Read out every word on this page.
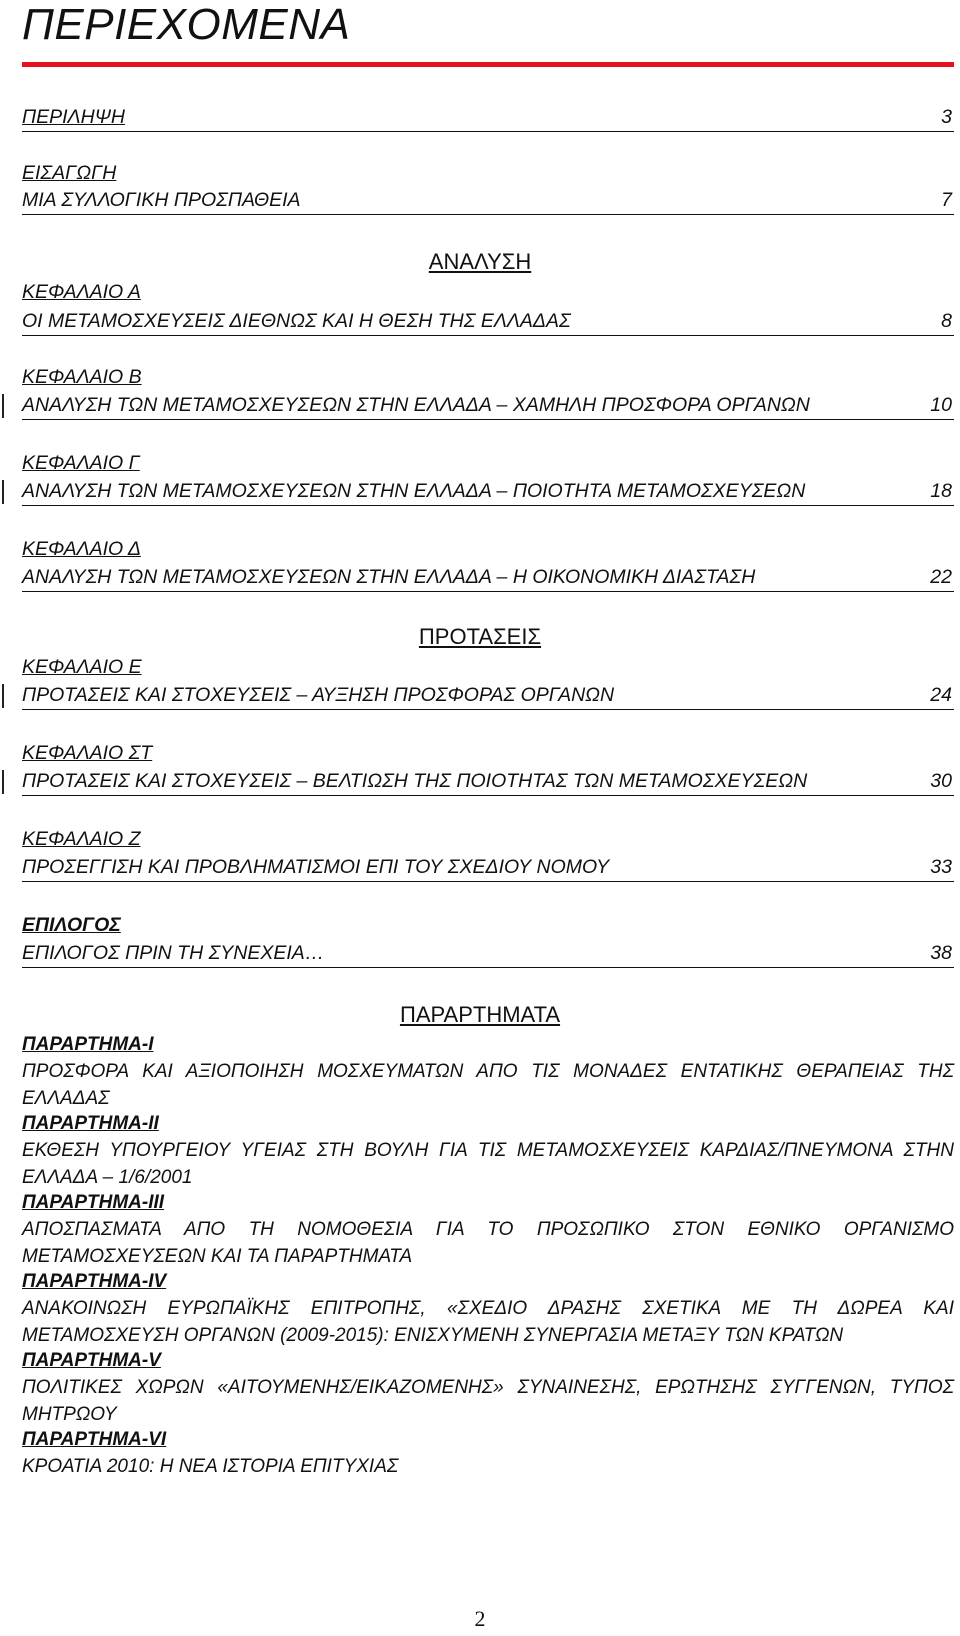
ΠΕΡΙΕΧΟΜΕΝΑ
ΠΕΡΙΛΗΨΗ	3
ΕΙΣΑΓΩΓΗ
ΜΙΑ ΣΥΛΛΟΓΙΚΗ ΠΡΟΣΠΑΘΕΙΑ	7
ΑΝΑΛΥΣΗ
ΚΕΦΑΛΑΙΟ Α
ΟΙ ΜΕΤΑΜΟΣΧΕΥΣΕΙΣ ΔΙΕΘΝΩΣ ΚΑΙ Η ΘΕΣΗ ΤΗΣ ΕΛΛΑΔΑΣ	8
ΚΕΦΑΛΑΙΟ Β
ΑΝΑΛΥΣΗ ΤΩΝ ΜΕΤΑΜΟΣΧΕΥΣΕΩΝ ΣΤΗΝ ΕΛΛΑΔΑ – ΧΑΜΗΛΗ ΠΡΟΣΦΟΡΑ ΟΡΓΑΝΩΝ	10
ΚΕΦΑΛΑΙΟ Γ
ΑΝΑΛΥΣΗ ΤΩΝ ΜΕΤΑΜΟΣΧΕΥΣΕΩΝ ΣΤΗΝ ΕΛΛΑΔΑ – ΠΟΙΟΤΗΤΑ ΜΕΤΑΜΟΣΧΕΥΣΕΩΝ	18
ΚΕΦΑΛΑΙΟ Δ
ΑΝΑΛΥΣΗ ΤΩΝ ΜΕΤΑΜΟΣΧΕΥΣΕΩΝ ΣΤΗΝ ΕΛΛΑΔΑ – Η ΟΙΚΟΝΟΜΙΚΗ ΔΙΑΣΤΑΣΗ	22
ΠΡΟΤΑΣΕΙΣ
ΚΕΦΑΛΑΙΟ Ε
ΠΡΟΤΑΣΕΙΣ ΚΑΙ ΣΤΟΧΕΥΣΕΙΣ – ΑΥΞΗΣΗ ΠΡΟΣΦΟΡΑΣ ΟΡΓΑΝΩΝ	24
ΚΕΦΑΛΑΙΟ ΣΤ
ΠΡΟΤΑΣΕΙΣ ΚΑΙ ΣΤΟΧΕΥΣΕΙΣ – ΒΕΛΤΙΩΣΗ ΤΗΣ ΠΟΙΟΤΗΤΑΣ ΤΩΝ ΜΕΤΑΜΟΣΧΕΥΣΕΩΝ	30
ΚΕΦΑΛΑΙΟ Ζ
ΠΡΟΣΕΓΓΙΣΗ ΚΑΙ ΠΡΟΒΛΗΜΑΤΙΣΜΟΙ ΕΠΙ ΤΟΥ ΣΧΕΔΙΟΥ ΝΟΜΟΥ	33
ΕΠΙΛΟΓΟΣ
ΕΠΙΛΟΓΟΣ ΠΡΙΝ ΤΗ ΣΥΝΕΧΕΙΑ…	38
ΠΑΡΑΡΤΗΜΑΤΑ
ΠΑΡΑΡΤΗΜΑ-Ι
ΠΡΟΣΦΟΡΑ ΚΑΙ ΑΞΙΟΠΟΙΗΣΗ ΜΟΣΧΕΥΜΑΤΩΝ ΑΠΟ ΤΙΣ ΜΟΝΑΔΕΣ ΕΝΤΑΤΙΚΗΣ ΘΕΡΑΠΕΙΑΣ ΤΗΣ ΕΛΛΑΔΑΣ
ΠΑΡΑΡΤΗΜΑ-ΙΙ
ΕΚΘΕΣΗ ΥΠΟΥΡΓΕΙΟΥ ΥΓΕΙΑΣ ΣΤΗ ΒΟΥΛΗ ΓΙΑ ΤΙΣ ΜΕΤΑΜΟΣΧΕΥΣΕΙΣ ΚΑΡΔΙΑΣ/ΠΝΕΥΜΟΝΑ ΣΤΗΝ ΕΛΛΑΔΑ – 1/6/2001
ΠΑΡΑΡΤΗΜΑ-ΙΙΙ
ΑΠΟΣΠΑΣΜΑΤΑ ΑΠΟ ΤΗ ΝΟΜΟΘΕΣΙΑ ΓΙΑ ΤΟ ΠΡΟΣΩΠΙΚΟ ΣΤΟΝ ΕΘΝΙΚΟ ΟΡΓΑΝΙΣΜΟ ΜΕΤΑΜΟΣΧΕΥΣΕΩΝ ΚΑΙ ΤΑ ΠΑΡΑΡΤΗΜΑΤΑ
ΠΑΡΑΡΤΗΜΑ-ΙV
ΑΝΑΚΟΙΝΩΣΗ ΕΥΡΩΠΑΪΚΗΣ ΕΠΙΤΡΟΠΗΣ, «ΣΧΕΔΙΟ ΔΡΑΣΗΣ ΣΧΕΤΙΚΑ ΜΕ ΤΗ ΔΩΡΕΑ ΚΑΙ ΜΕΤΑΜΟΣΧΕΥΣΗ ΟΡΓΑΝΩΝ (2009-2015): ΕΝΙΣΧΥΜΕΝΗ ΣΥΝΕΡΓΑΣΙΑ ΜΕΤΑΞΥ ΤΩΝ ΚΡΑΤΩΝ
ΠΑΡΑΡΤΗΜΑ-V
ΠΟΛΙΤΙΚΕΣ ΧΩΡΩΝ «ΑΙΤΟΥΜΕΝΗΣ/ΕΙΚΑΖΟΜΕΝΗΣ» ΣΥΝΑΙΝΕΣΗΣ, ΕΡΩΤΗΣΗΣ ΣΥΓΓΕΝΩΝ, ΤΥΠΟΣ ΜΗΤΡΩΟΥ
ΠΑΡΑΡΤΗΜΑ-VI
ΚΡΟΑΤΙΑ 2010: Η ΝΕΑ ΙΣΤΟΡΙΑ ΕΠΙΤΥΧΙΑΣ
2
